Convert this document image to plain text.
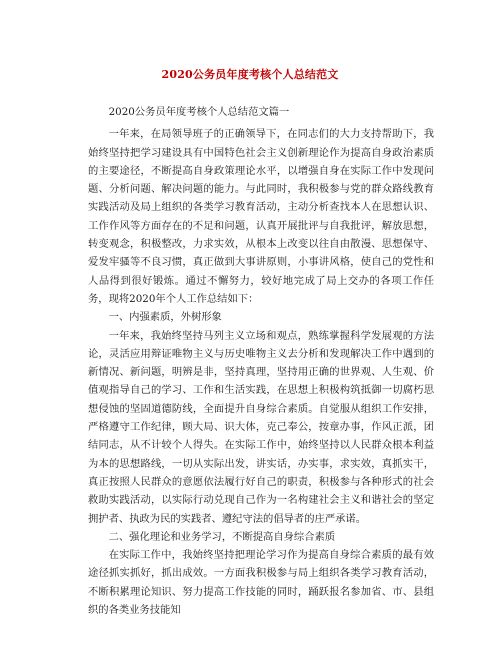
2020公务员年度考核个人总结范文

2020公务员年度考核个人总结范文篇一

一年来，在局领导班子的正确领导下，在同志们的大力支持帮助下，我始终坚持把学习建设具有中国特色社会主义创新理论作为提高自身政治素质的主要途径，不断提高自身政策理论水平，以增强自身在实际工作中发现问题、分析问题、解决问题的能力。与此同时，我积极参与党的群众路线教育实践活动及局上组织的各类学习教育活动，主动分析查找本人在思想认识、工作作风等方面存在的不足和问题，认真开展批评与自我批评，解放思想，转变观念，积极整改，力求实效，从根本上改变以往自由散漫、思想保守、爱发牢骚等不良习惯，真正做到大事讲原则，小事讲风格，使自己的党性和人品得到很好锻炼。通过不懈努力，较好地完成了局上交办的各项工作任务，现将2020年个人工作总结如下：

一、内强素质，外树形象

一年来，我始终坚持马列主义立场和观点，熟练掌握科学发展观的方法论，灵活应用辩证唯物主义与历史唯物主义去分析和发现解决工作中遇到的新情况、新问题，明辨是非，坚持真理，坚持用正确的世界观、人生观、价值观指导自己的学习、工作和生活实践，在思想上积极构筑抵御一切腐朽思想侵蚀的坚固道德防线，全面提升自身综合素质。自觉服从组织工作安排，严格遵守工作纪律，顾大局、识大体，克己奉公，按章办事，作风正派，团结同志，从不计较个人得失。在实际工作中，始终坚持以人民群众根本利益为本的思想路线，一切从实际出发，讲实话，办实事，求实效，真抓实干，真正按照人民群众的意愿依法履行好自己的职责，积极参与各种形式的社会救助实践活动，以实际行动兑现自己作为一名构建社会主义和谐社会的坚定拥护者、执政为民的实践者、遵纪守法的倡导者的庄严承诺。

二、强化理论和业务学习，不断提高自身综合素质

在实际工作中，我始终坚持把理论学习作为提高自身综合素质的最有效途径抓实抓好，抓出成效。一方面我积极参与局上组织各类学习教育活动，不断积累理论知识、努力提高工作技能的同时，踊跃报名参加省、市、县组织的各类业务技能知
